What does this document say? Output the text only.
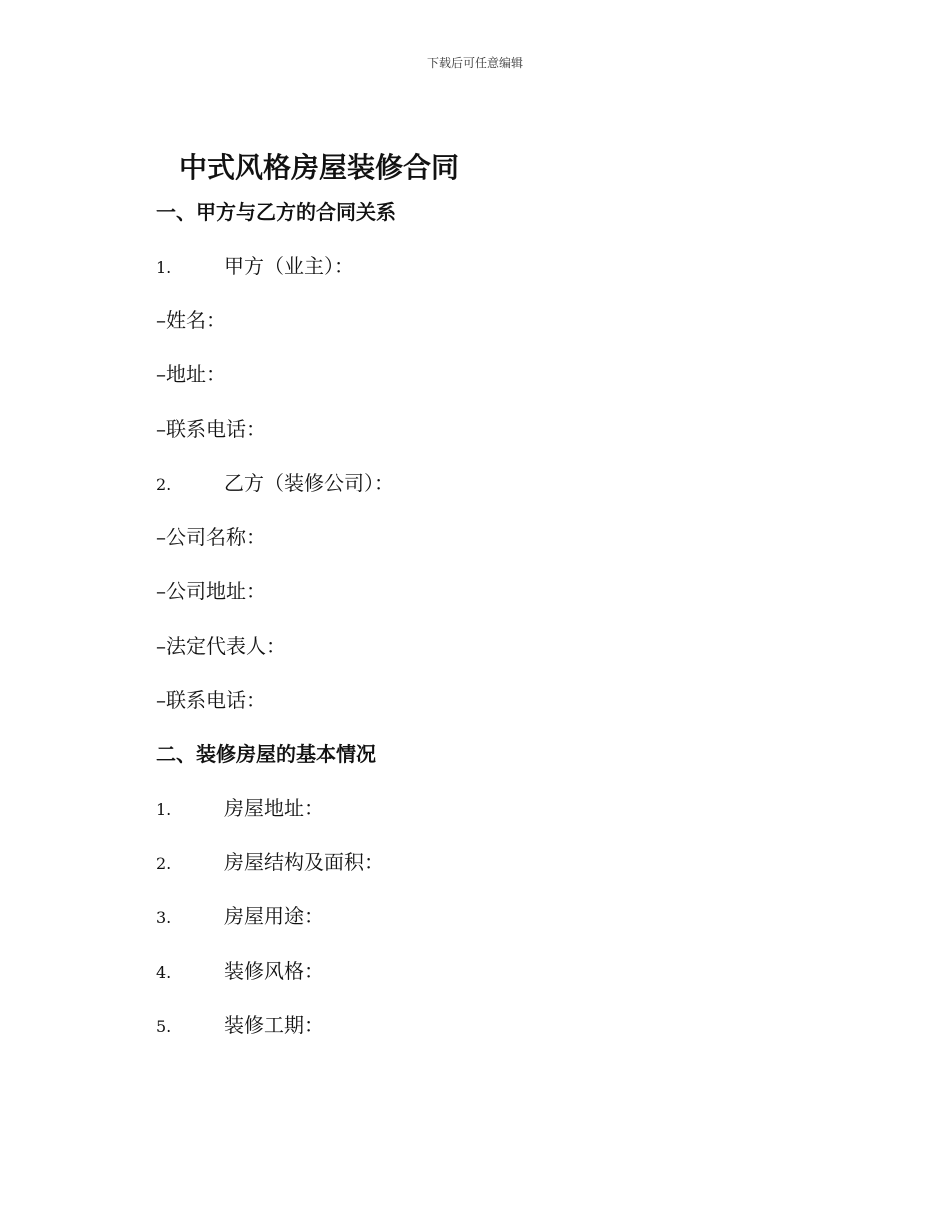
下载后可任意编辑
中式风格房屋装修合同
一、甲方与乙方的合同关系
1.	甲方（业主）：
–姓名：
–地址：
–联系电话：
2.	乙方（装修公司）：
–公司名称：
–公司地址：
–法定代表人：
–联系电话：
二、装修房屋的基本情况
1.	房屋地址：
2.	房屋结构及面积：
3.	房屋用途：
4.	装修风格：
5.	装修工期：
